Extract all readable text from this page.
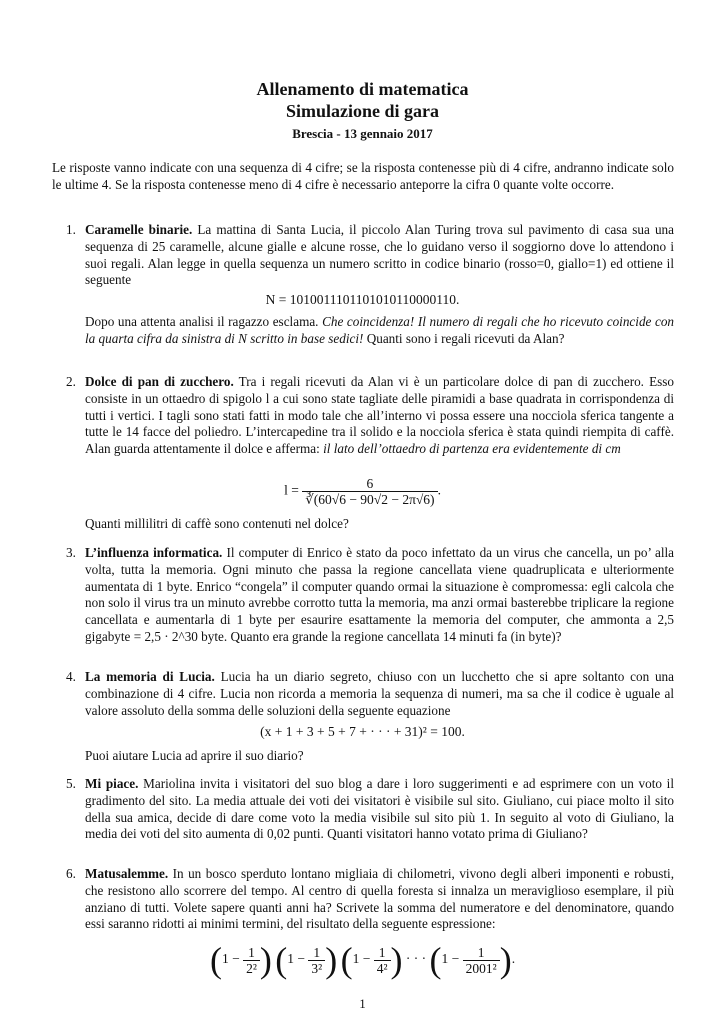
Allenamento di matematica
Simulazione di gara
Brescia - 13 gennaio 2017
Le risposte vanno indicate con una sequenza di 4 cifre; se la risposta contenesse più di 4 cifre, andranno indicate solo le ultime 4. Se la risposta contenesse meno di 4 cifre è necessario anteporre la cifra 0 quante volte occorre.
1. Caramelle binarie. La mattina di Santa Lucia, il piccolo Alan Turing trova sul pavimento di casa sua una sequenza di 25 caramelle, alcune gialle e alcune rosse, che lo guidano verso il soggiorno dove lo attendono i suoi regali. Alan legge in quella sequenza un numero scritto in codice binario (rosso=0, giallo=1) ed ottiene il seguente
N = 1010011101101010110000110.
Dopo una attenta analisi il ragazzo esclama. Che coincidenza! Il numero di regali che ho ricevuto coincide con la quarta cifra da sinistra di N scritto in base sedici! Quanti sono i regali ricevuti da Alan?
2. Dolce di pan di zucchero. Tra i regali ricevuti da Alan vi è un particolare dolce di pan di zucchero. Esso consiste in un ottaedro di spigolo l a cui sono state tagliate delle piramidi a base quadrata in corrispondenza di tutti i vertici. I tagli sono stati fatti in modo tale che all’interno vi possa essere una nocciola sferica tangente a tutte le 14 facce del poliedro. L’intercapedine tra il solido e la nocciola sferica è stata quindi riempita di caffè. Alan guarda attentamente il dolce e afferma: il lato dell’ottaedro di partenza era evidentemente di cm
$l = \frac{6}{∛(60√6 - 90√2 - 2\pi√6)}$ .
Quanti millilitri di caffè sono contenuti nel dolce?
3. L’influenza informatica. Il computer di Enrico è stato da poco infettato da un virus che cancella, un po’ alla volta, tutta la memoria. Ogni minuto che passa la regione cancellata viene quadruplicata e ulteriormente aumentata di 1 byte. Enrico “congela” il computer quando ormai la situazione è compromessa: egli calcola che non solo il virus tra un minuto avrebbe corrotto tutta la memoria, ma anzi ormai basterebbe triplicare la regione cancellata e aumentarla di 1 byte per esaurire esattamente la memoria del computer, che ammonta a 2,5 gigabyte = 2,5 · 2^30 byte. Quanto era grande la regione cancellata 14 minuti fa (in byte)?
4. La memoria di Lucia. Lucia ha un diario segreto, chiuso con un lucchetto che si apre soltanto con una combinazione di 4 cifre. Lucia non ricorda a memoria la sequenza di numeri, ma sa che il codice è uguale al valore assoluto della somma delle soluzioni della seguente equazione
(x + 1 + 3 + 5 + 7 + · · · + 31)² = 100.
Puoi aiutare Lucia ad aprire il suo diario?
5. Mi piace. Mariolina invita i visitatori del suo blog a dare i loro suggerimenti e ad esprimere con un voto il gradimento del sito. La media attuale dei voti dei visitatori è visibile sul sito. Giuliano, cui piace molto il sito della sua amica, decide di dare come voto la media visibile sul sito più 1. In seguito al voto di Giuliano, la media dei voti del sito aumenta di 0,02 punti. Quanti visitatori hanno votato prima di Giuliano?
6. Matusalemme. In un bosco sperduto lontano migliaia di chilometri, vivono degli alberi imponenti e robusti, che resistono allo scorrere del tempo. Al centro di quella foresta si innalza un meraviglioso esemplare, il più anziano di tutti. Volete sapere quanti anni ha? Scrivete la somma del numeratore e del denominatore, quando essi saranno ridotti ai minimi termini, del risultato della seguente espressione:
($1 - \frac{1}{\text{2²}}$ ) ($1 - \frac{1}{\text{3²}}$ ) ($1 - \frac{1}{\text{4²}}$ ) · · · ($1 - \frac{1}{\text{2001²}}$ ).
1
